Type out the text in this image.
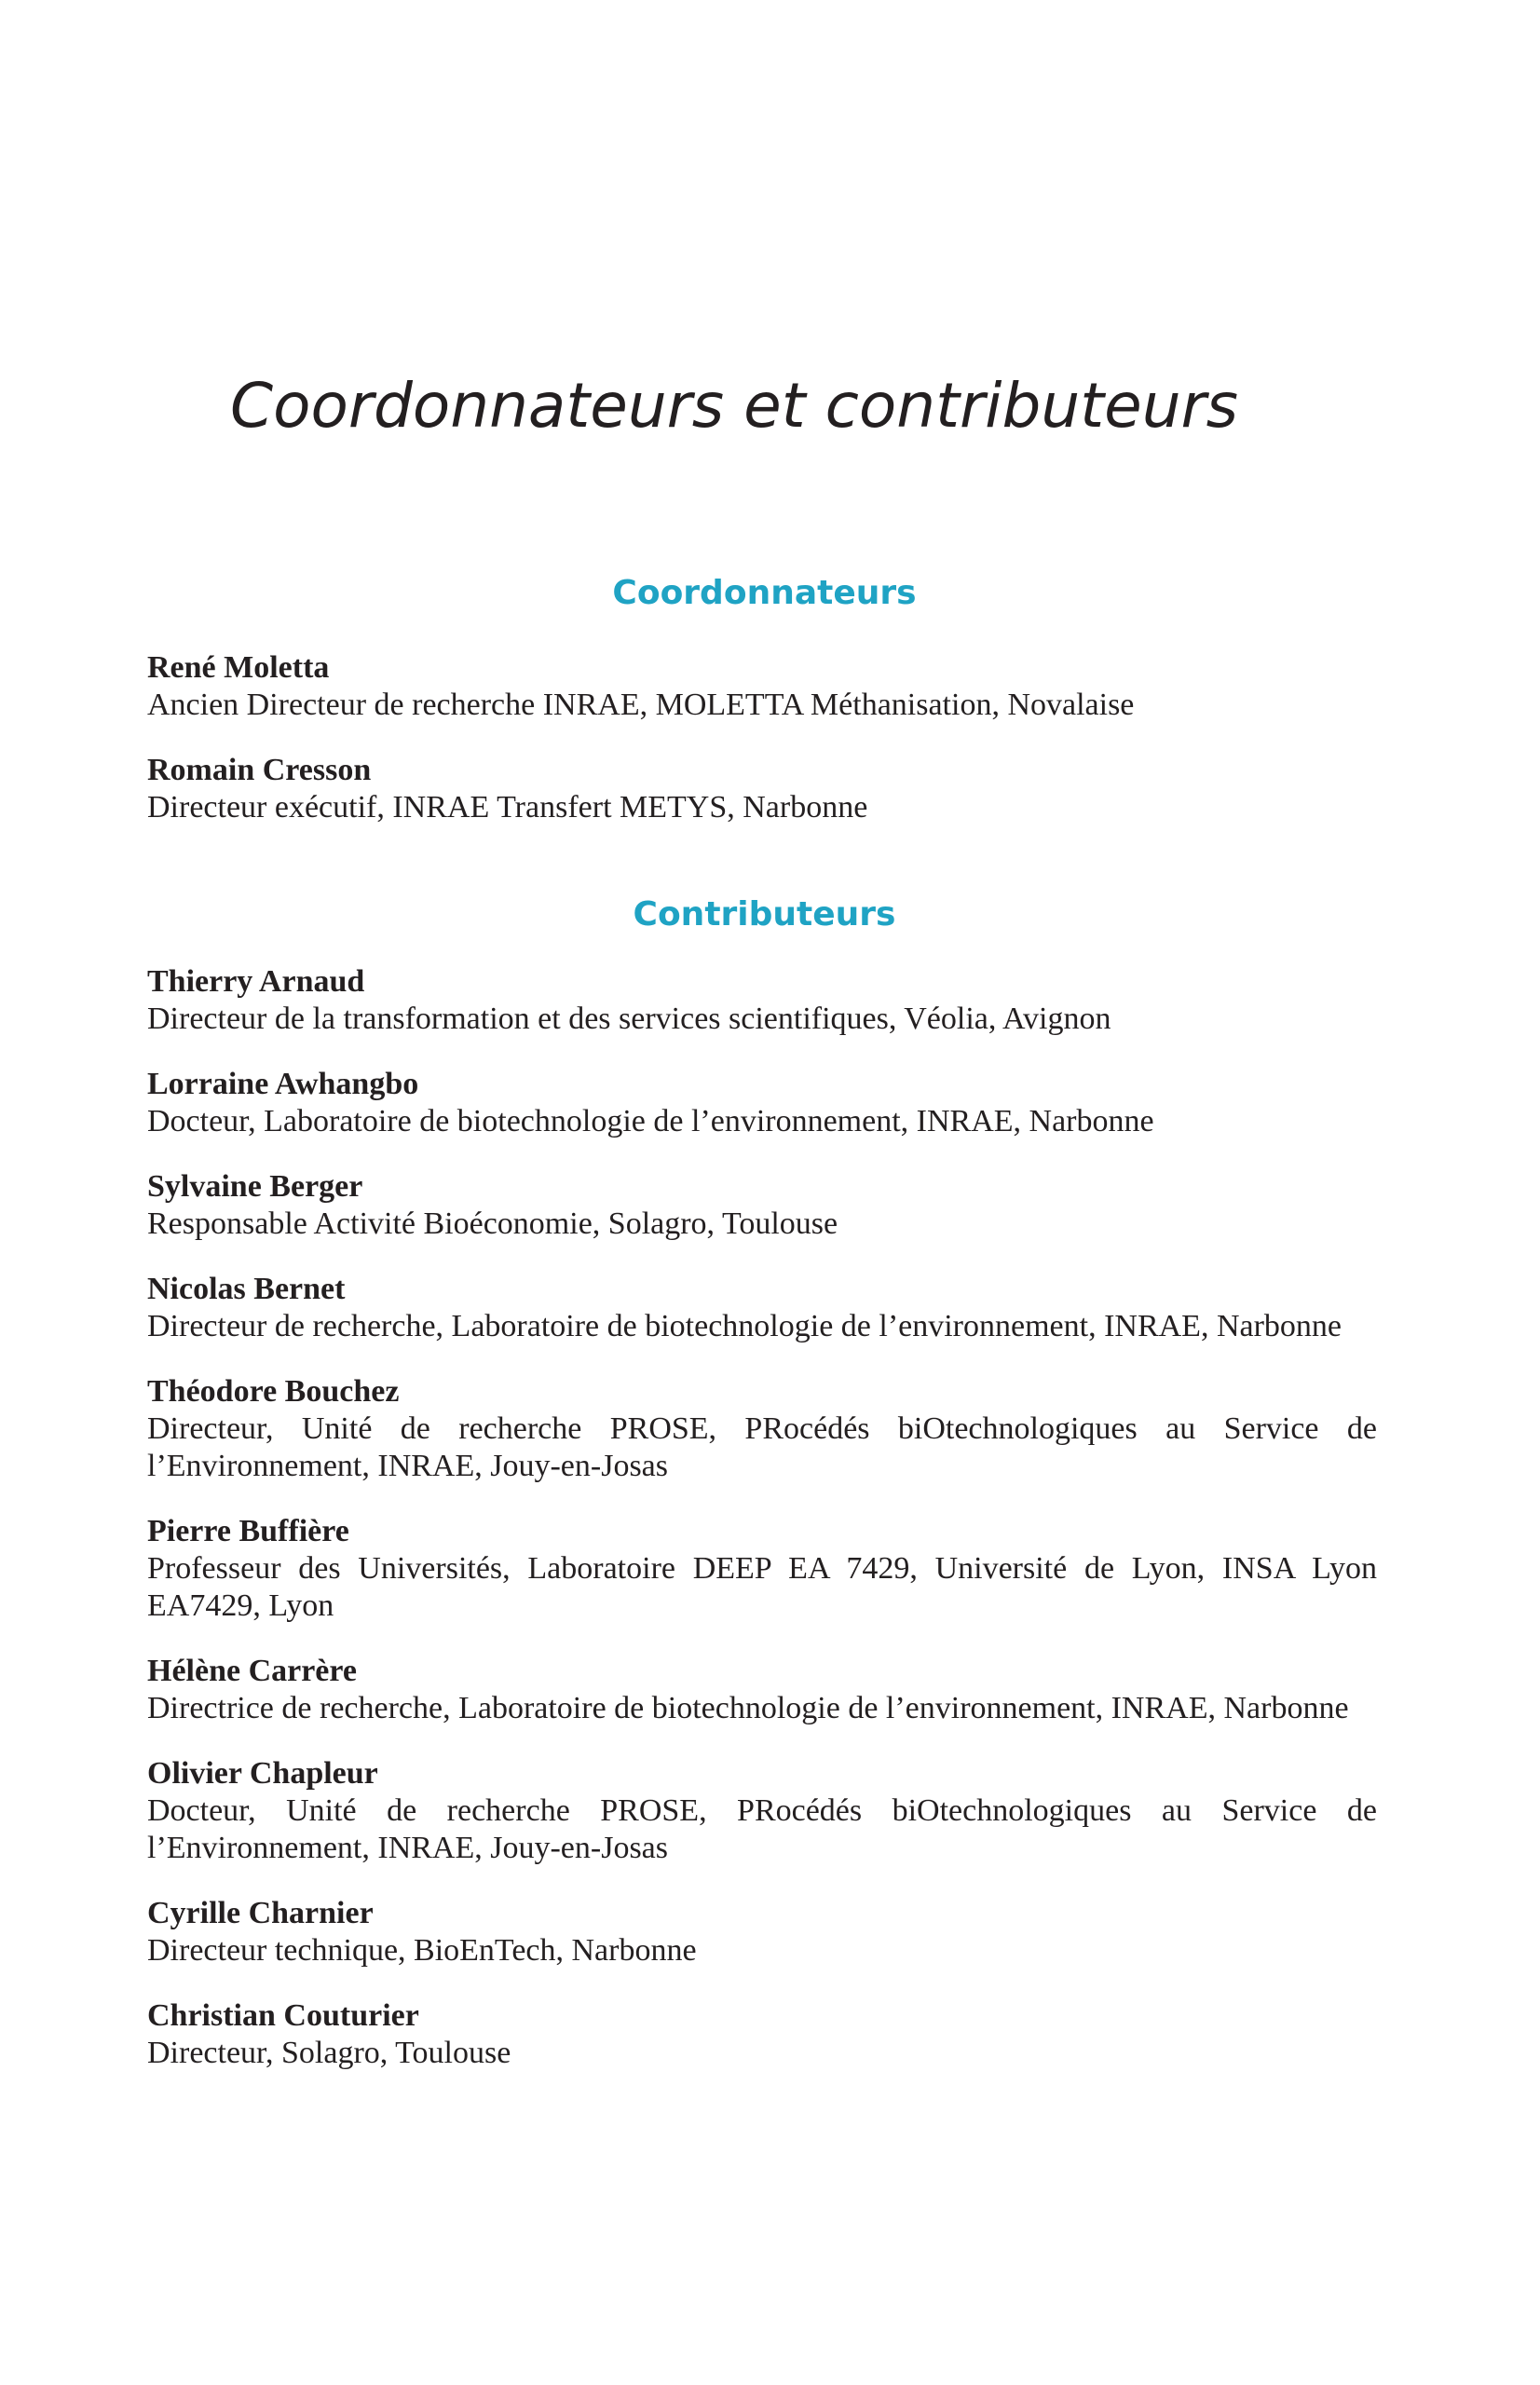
Coordonnateurs et contributeurs
Coordonnateurs

René Moletta

Ancien Directeur de recherche INRAE, MOLETTA Méthanisation, Novalaise

Romain Cresson

Directeur exécutif, INRAE Transfert METYS, Narbonne

Contributeurs

Thierry Arnaud

Directeur de la transformation et des services scientifiques, Véolia, Avignon

Lorraine Awhangbo

Docteur, Laboratoire de biotechnologie de l’environnement, INRAE, Narbonne

Sylvaine Berger

Responsable Activité Bioéconomie, Solagro, Toulouse

Nicolas Bernet

Directeur de recherche, Laboratoire de biotechnologie de l’environnement, INRAE, Narbonne

Théodore Bouchez

Directeur, Unité de recherche PROSE, PRocédés biOtechnologiques au Service de l’Environnement, INRAE, Jouy-en-Josas

Pierre Buffière

Professeur des Universités, Laboratoire DEEP EA 7429, Université de Lyon, INSA Lyon EA7429, Lyon

Hélène Carrère

Directrice de recherche, Laboratoire de biotechnologie de l’environnement, INRAE, Narbonne

Olivier Chapleur

Docteur, Unité de recherche PROSE, PRocédés biOtechnologiques au Service de l’Environnement, INRAE, Jouy-en-Josas

Cyrille Charnier

Directeur technique, BioEnTech, Narbonne

Christian Couturier

Directeur, Solagro, Toulouse
